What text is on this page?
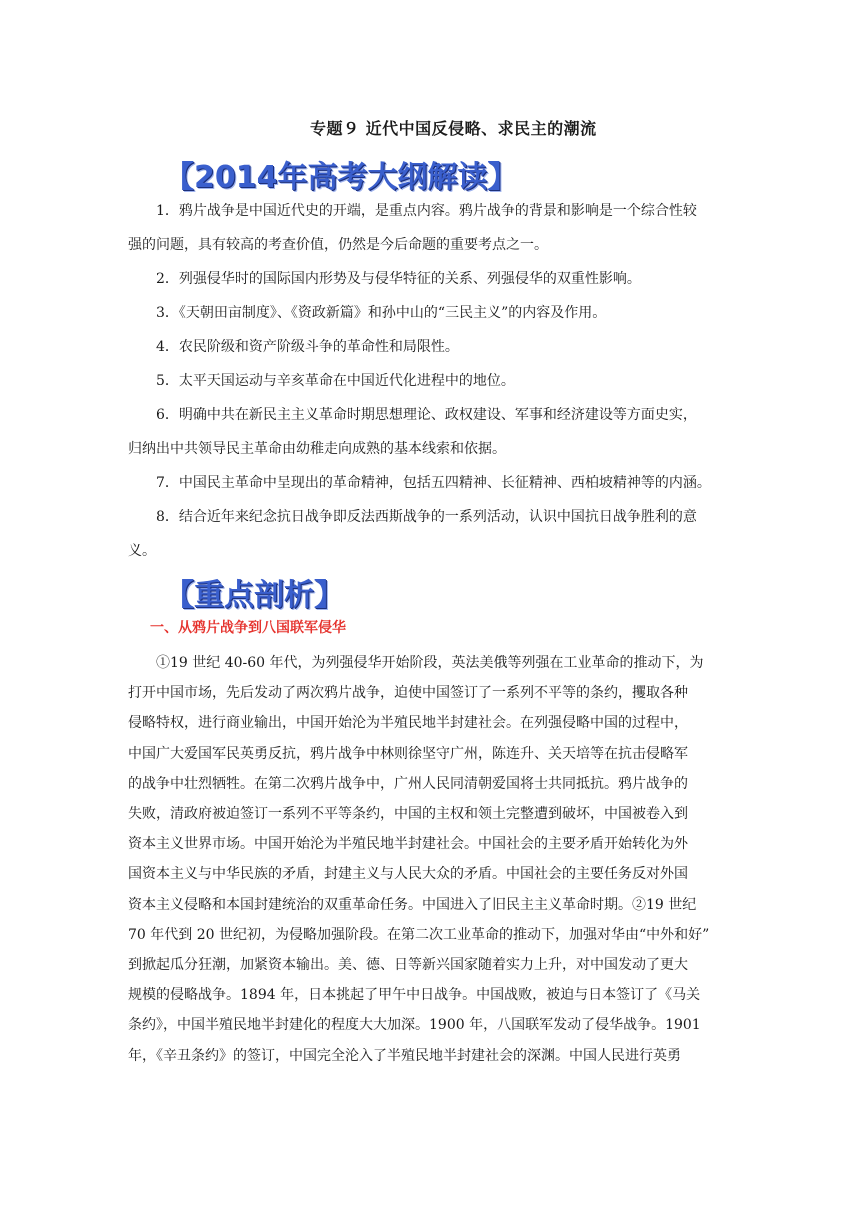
专题９ 近代中国反侵略、求民主的潮流
【2014年高考大纲解读】
1．鸦片战争是中国近代史的开端，是重点内容。鸦片战争的背景和影响是一个综合性较
强的问题，具有较高的考查价值，仍然是今后命题的重要考点之一。
2．列强侵华时的国际国内形势及与侵华特征的关系、列强侵华的双重性影响。
3．《天朝田亩制度》、《资政新篇》和孙中山的“三民主义”的内容及作用。
4．农民阶级和资产阶级斗争的革命性和局限性。
5．太平天国运动与辛亥革命在中国近代化进程中的地位。
6．明确中共在新民主主义革命时期思想理论、政权建设、军事和经济建设等方面史实，
归纳出中共领导民主革命由幼稚走向成熟的基本线索和依据。
7．中国民主革命中呈现出的革命精神，包括五四精神、长征精神、西柏坡精神等的内涵。
8．结合近年来纪念抗日战争即反法西斯战争的一系列活动，认识中国抗日战争胜利的意
义。
【重点剖析】
一、从鸦片战争到八国联军侵华
①19 世纪 40-60 年代，为列强侵华开始阶段，英法美俄等列强在工业革命的推动下，为
打开中国市场，先后发动了两次鸦片战争，迫使中国签订了一系列不平等的条约，攫取各种
侵略特权，进行商业输出，中国开始沦为半殖民地半封建社会。在列强侵略中国的过程中，
中国广大爱国军民英勇反抗，鸦片战争中林则徐坚守广州，陈连升、关天培等在抗击侵略军
的战争中壮烈牺牲。在第二次鸦片战争中，广州人民同清朝爱国将士共同抵抗。鸦片战争的
失败，清政府被迫签订一系列不平等条约，中国的主权和领土完整遭到破坏，中国被卷入到
资本主义世界市场。中国开始沦为半殖民地半封建社会。中国社会的主要矛盾开始转化为外
国资本主义与中华民族的矛盾，封建主义与人民大众的矛盾。中国社会的主要任务反对外国
资本主义侵略和本国封建统治的双重革命任务。中国进入了旧民主主义革命时期。②19 世纪
70 年代到 20 世纪初，为侵略加强阶段。在第二次工业革命的推动下，加强对华由“中外和好”
到掀起瓜分狂潮，加紧资本输出。美、德、日等新兴国家随着实力上升，对中国发动了更大
规模的侵略战争。1894 年，日本挑起了甲午中日战争。中国战败，被迫与日本签订了《马关
条约》，中国半殖民地半封建化的程度大大加深。1900 年，八国联军发动了侵华战争。1901
年，《辛丑条约》的签订，中国完全沦入了半殖民地半封建社会的深渊。中国人民进行英勇
